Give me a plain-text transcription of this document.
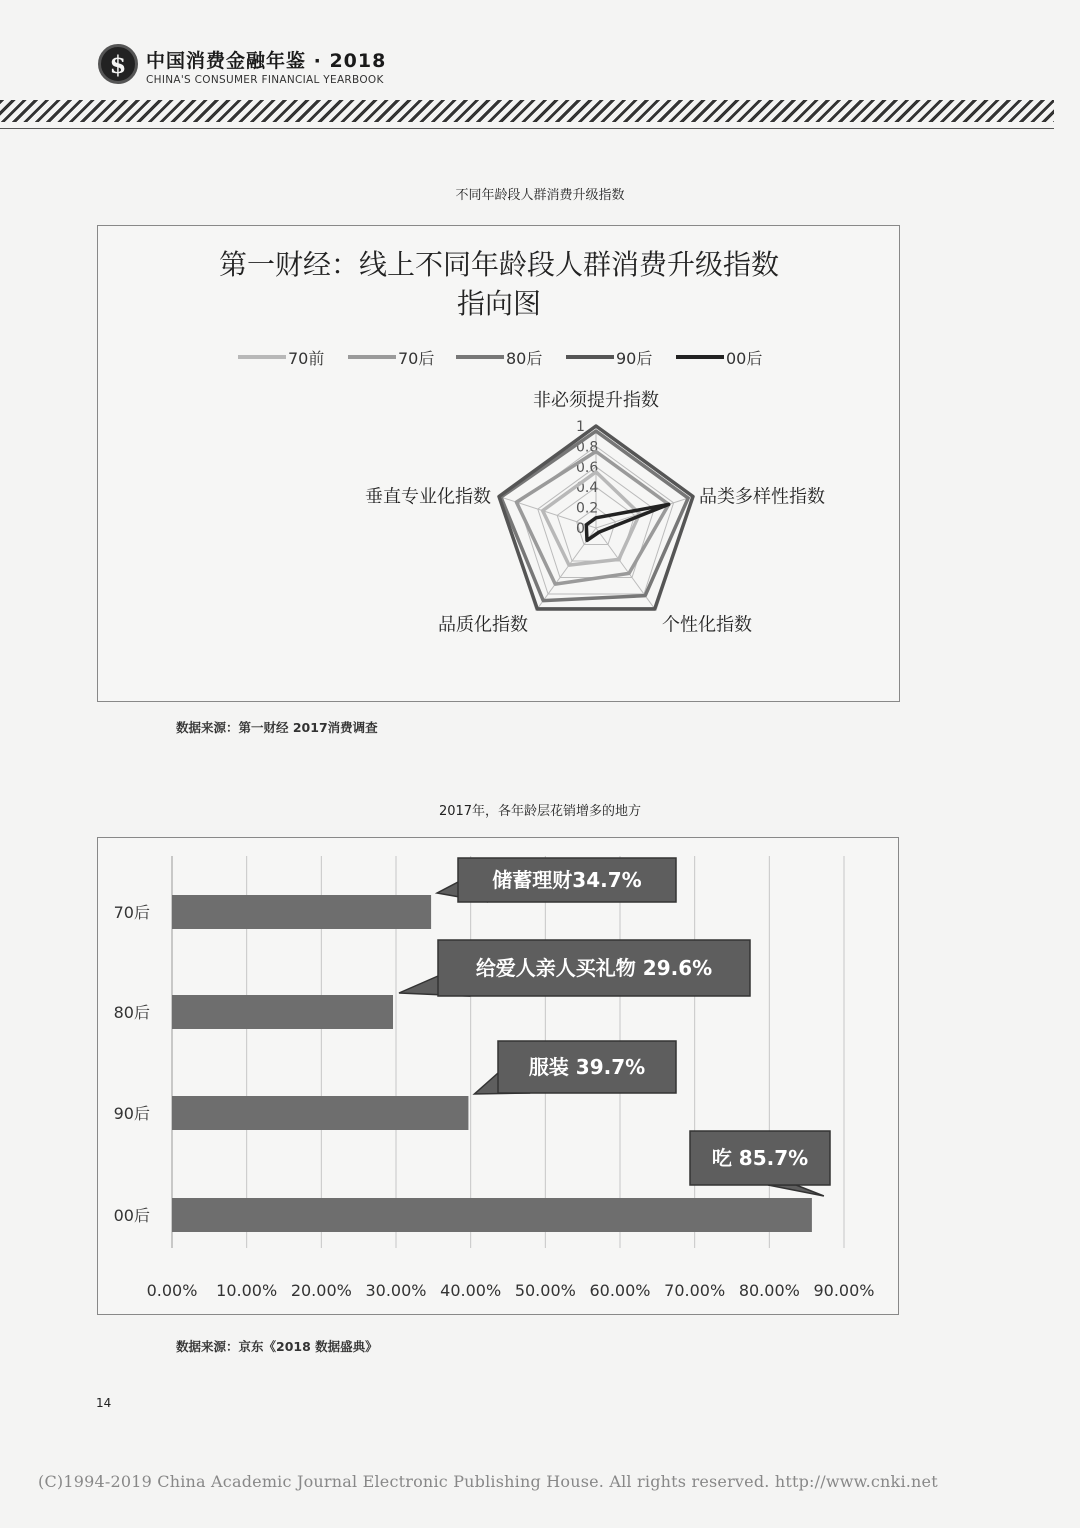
$	中国消费金融年鉴 · 2018
CHINA'S CONSUMER FINANCIAL YEARBOOK
不同年龄段人群消费升级指数
第一财经：线上不同年龄段人群消费升级指数
指向图
70前	70后	80后	90后	00后
0
0.2
0.4
0.6
0.8
1
非必须提升指数
品类多样性指数
个性化指数
品质化指数
垂直专业化指数
数据来源：第一财经 2017消费调查
2017年，各年龄层花销增多的地方
0.00% 10.00% 20.00% 30.00% 40.00% 50.00% 60.00% 70.00% 80.00% 90.00%
70后
储蓄理财34.7%
80后
给爱人亲人买礼物 29.6%
90后
服装 39.7%
00后
吃 85.7%
数据来源：京东《2018 数据盛典》
14
(C)1994-2019 China Academic Journal Electronic Publishing House. All rights reserved. http://www.cnki.net
